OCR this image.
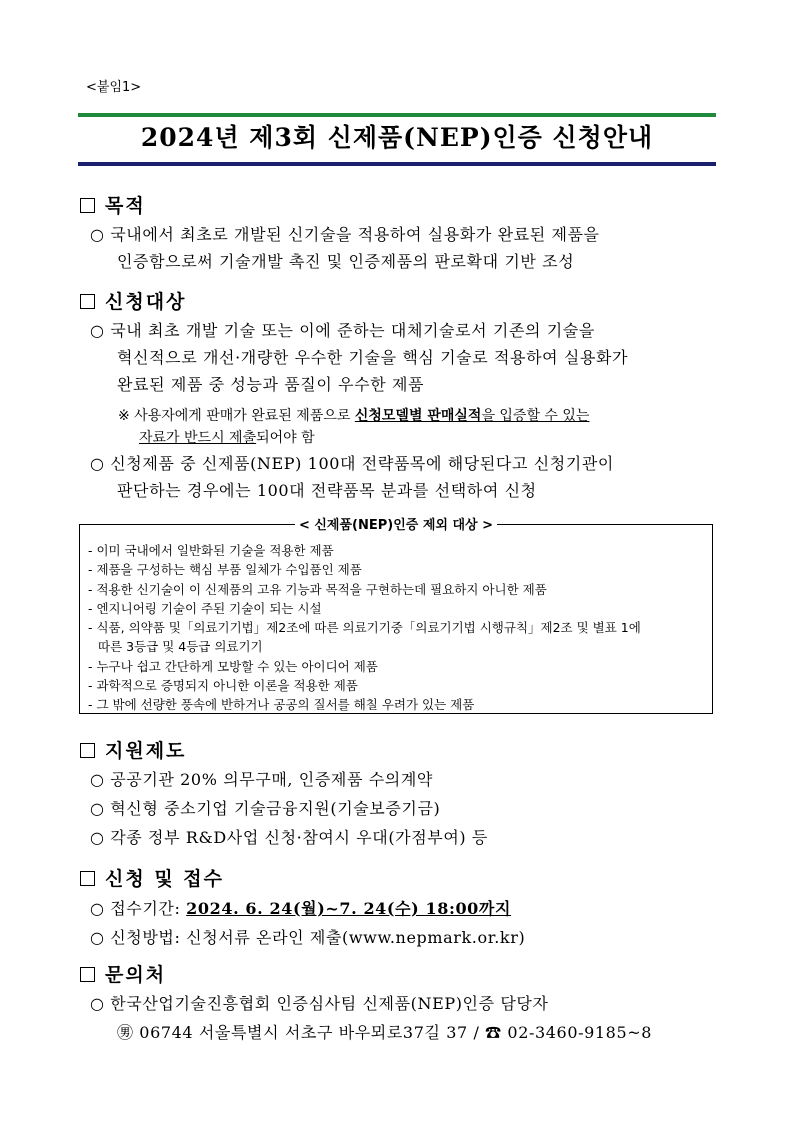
<붙임1>
2024년 제3회 신제품(NEP)인증 신청안내
목적
○ 국내에서 최초로 개발된 신기술을 적용하여 실용화가 완료된 제품을
인증함으로써 기술개발 촉진 및 인증제품의 판로확대 기반 조성
신청대상
○ 국내 최초 개발 기술 또는 이에 준하는 대체기술로서 기존의 기술을
혁신적으로 개선·개량한 우수한 기술을 핵심 기술로 적용하여 실용화가
완료된 제품 중 성능과 품질이 우수한 제품
※ 사용자에게 판매가 완료된 제품으로 신청모델별 판매실적을 입증할 수 있는
자료가 반드시 제출되어야 함
○ 신청제품 중 신제품(NEP) 100대 전략품목에 해당된다고 신청기관이
판단하는 경우에는 100대 전략품목 분과를 선택하여 신청
< 신제품(NEP)인증 제외 대상 >
- 이미 국내에서 일반화된 기술을 적용한 제품
- 제품을 구성하는 핵심 부품 일체가 수입품인 제품
- 적용한 신기술이 이 신제품의 고유 기능과 목적을 구현하는데 필요하지 아니한 제품
- 엔지니어링 기술이 주된 기술이 되는 시설
- 식품, 의약품 및「의료기기법」제2조에 따른 의료기기중「의료기기법 시행규칙」제2조 및 별표 1에
따른 3등급 및 4등급 의료기기
- 누구나 쉽고 간단하게 모방할 수 있는 아이디어 제품
- 과학적으로 증명되지 아니한 이론을 적용한 제품
- 그 밖에 선량한 풍속에 반하거나 공공의 질서를 해칠 우려가 있는 제품
지원제도
○ 공공기관 20% 의무구매, 인증제품 수의계약
○ 혁신형 중소기업 기술금융지원(기술보증기금)
○ 각종 정부 R&D사업 신청·참여시 우대(가점부여) 등
신청 및 접수
○ 접수기간: 2024. 6. 24(월)~7. 24(수) 18:00까지
○ 신청방법: 신청서류 온라인 제출(www.nepmark.or.kr)
문의처
○ 한국산업기술진흥협회 인증심사팀 신제품(NEP)인증 담당자
㊚ 06744 서울특별시 서초구 바우뫼로37길 37 / ☎ 02-3460-9185~8
